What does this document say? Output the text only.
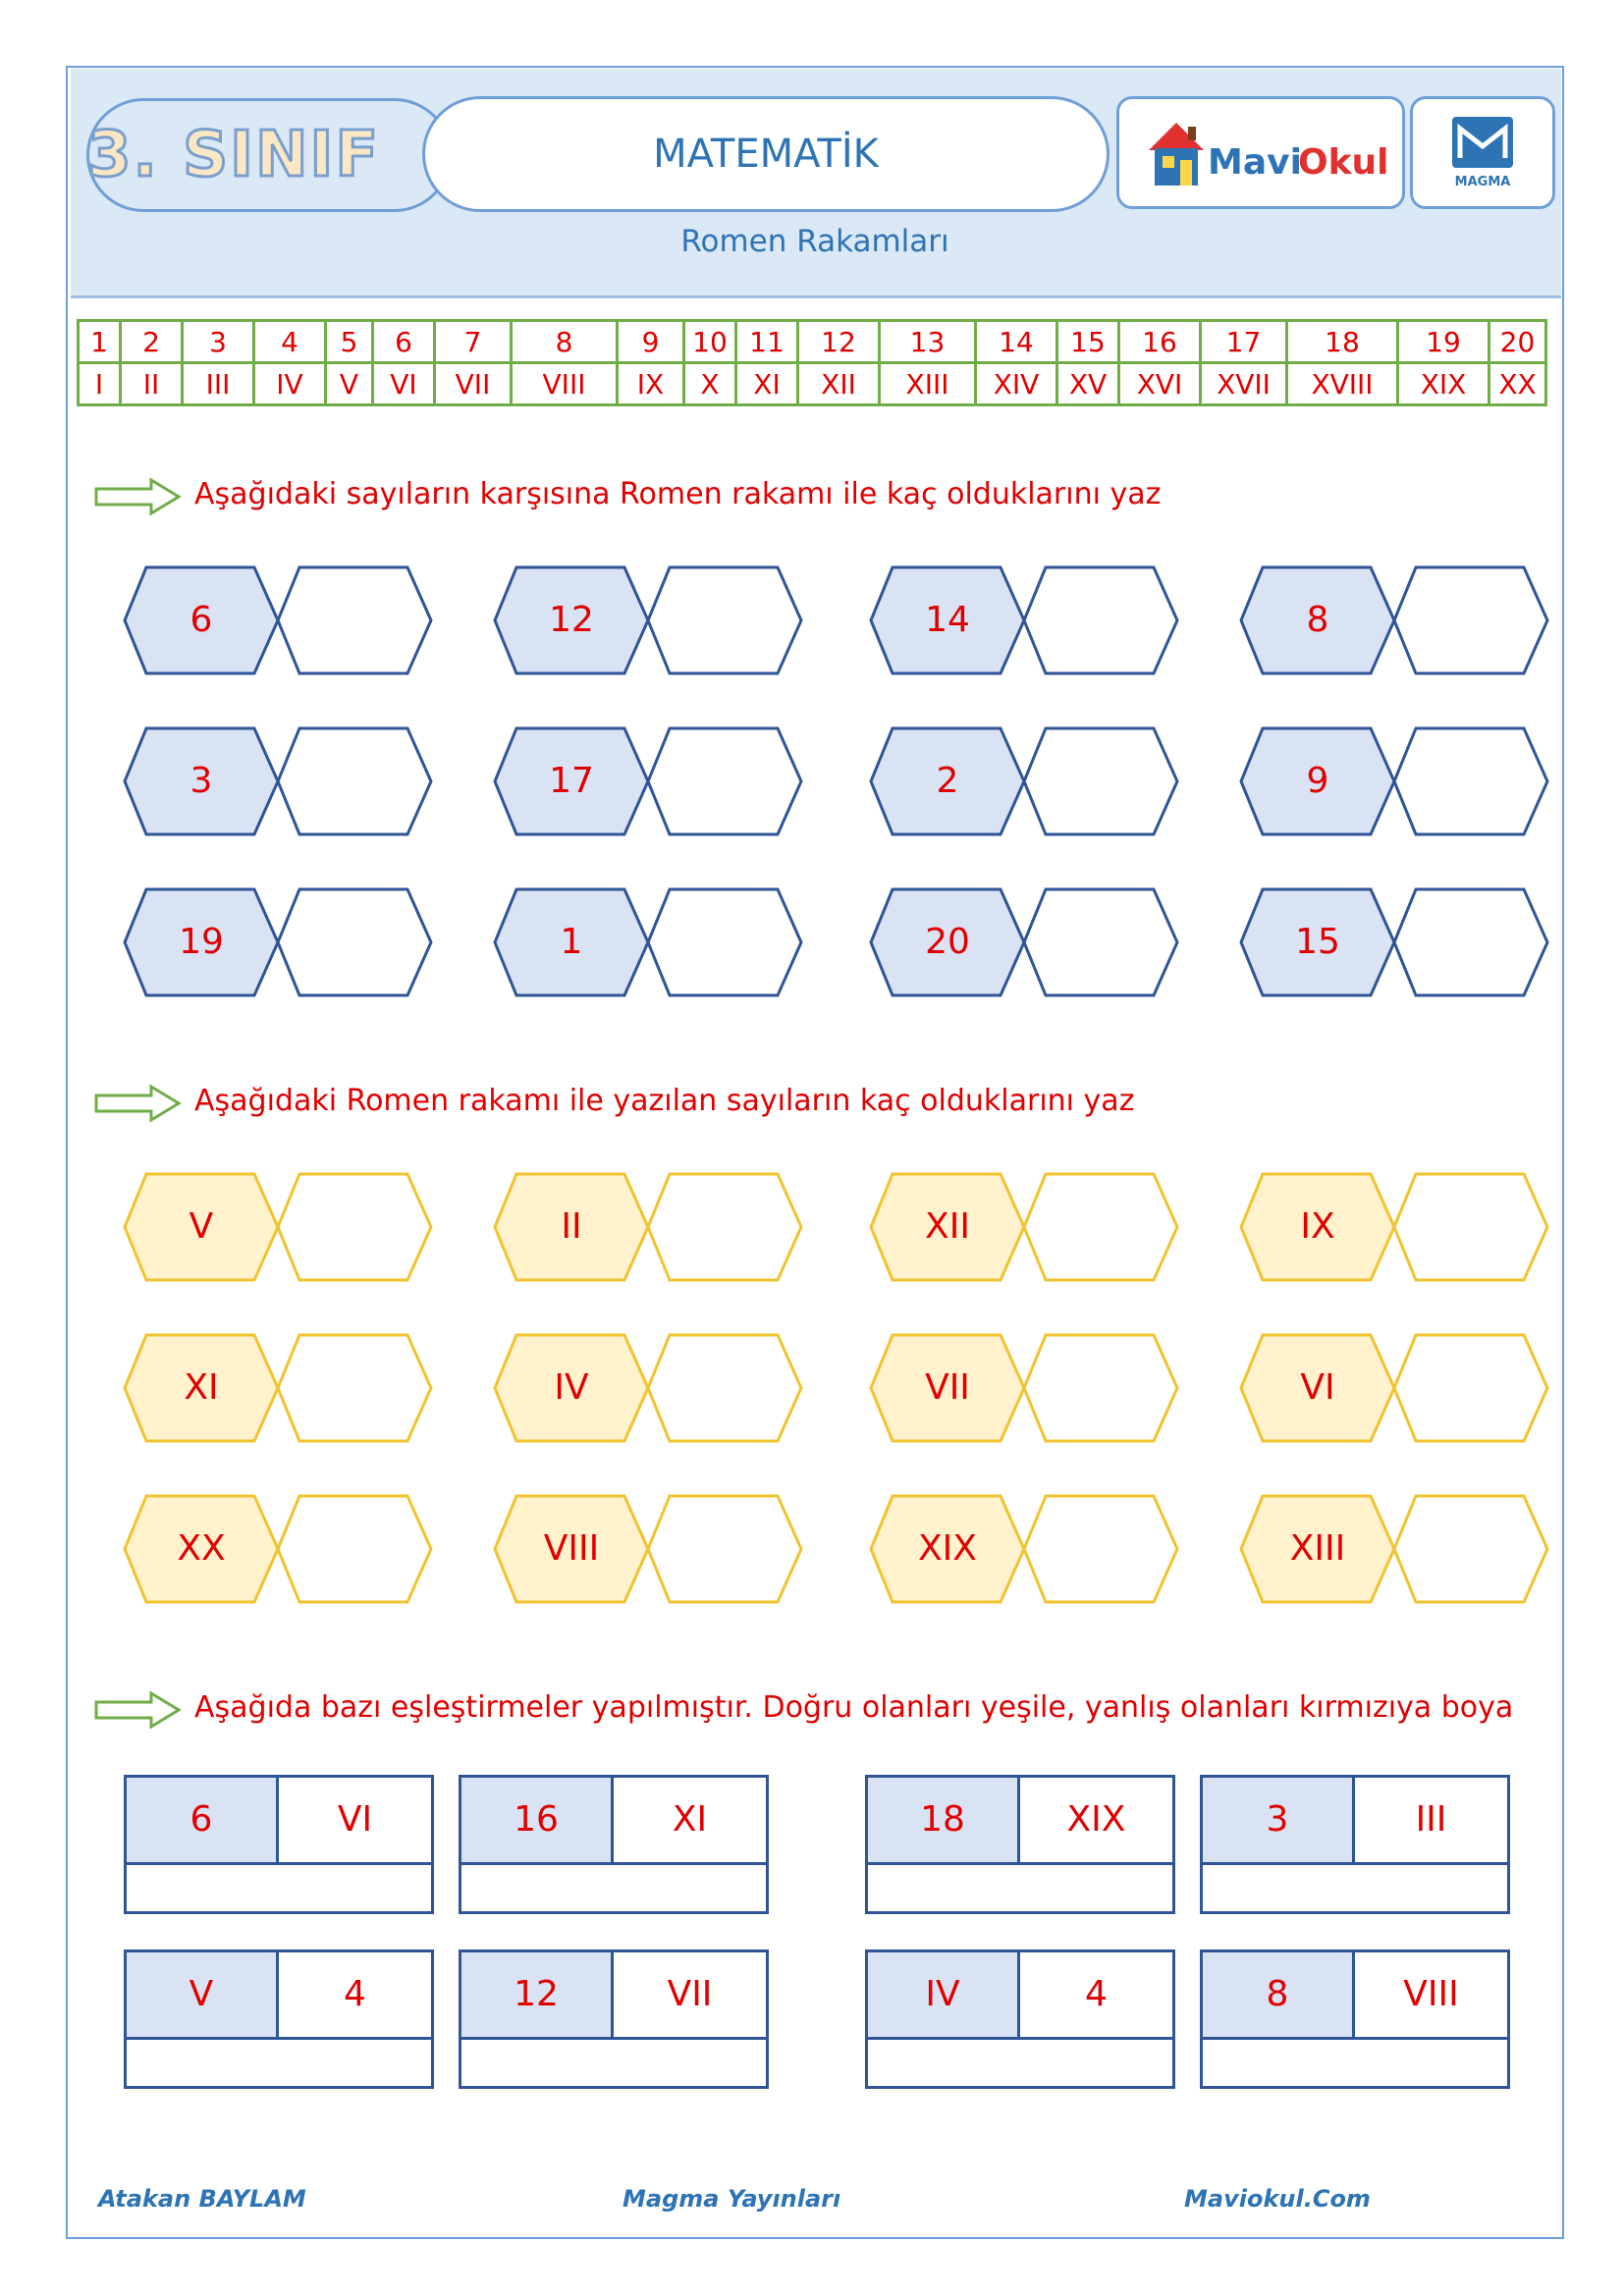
3. SINIF	MATEMATİK
Romen Rakamları
Mavi
Okul	MAGMA
1	2	3	4	5	6	7	8	9	10	11	12	13	14	15	16	17	18	19	20
I	II	III	IV	V	VI	VII	VIII	IX	X	XI	XII	XIII	XIV	XV	XVI	XVII	XVIII	XIX	XX
Aşağıdaki sayıların karşısına Romen rakamı ile kaç olduklarını yaz
6	12	14	8
3	17	2	9
19	1	20	15
Aşağıdaki Romen rakamı ile yazılan sayıların kaç olduklarını yaz
V	II	XII	IX
XI	IV	VII	VI
XX	VIII	XIX	XIII
Aşağıda bazı eşleştirmeler yapılmıştır. Doğru olanları yeşile, yanlış olanları kırmızıya boya
6	VI	16	XI	18	XIX	3	III
V	4	12	VII	IV	4	8	VIII
Atakan BAYLAM	Magma Yayınları	Maviokul.Com
